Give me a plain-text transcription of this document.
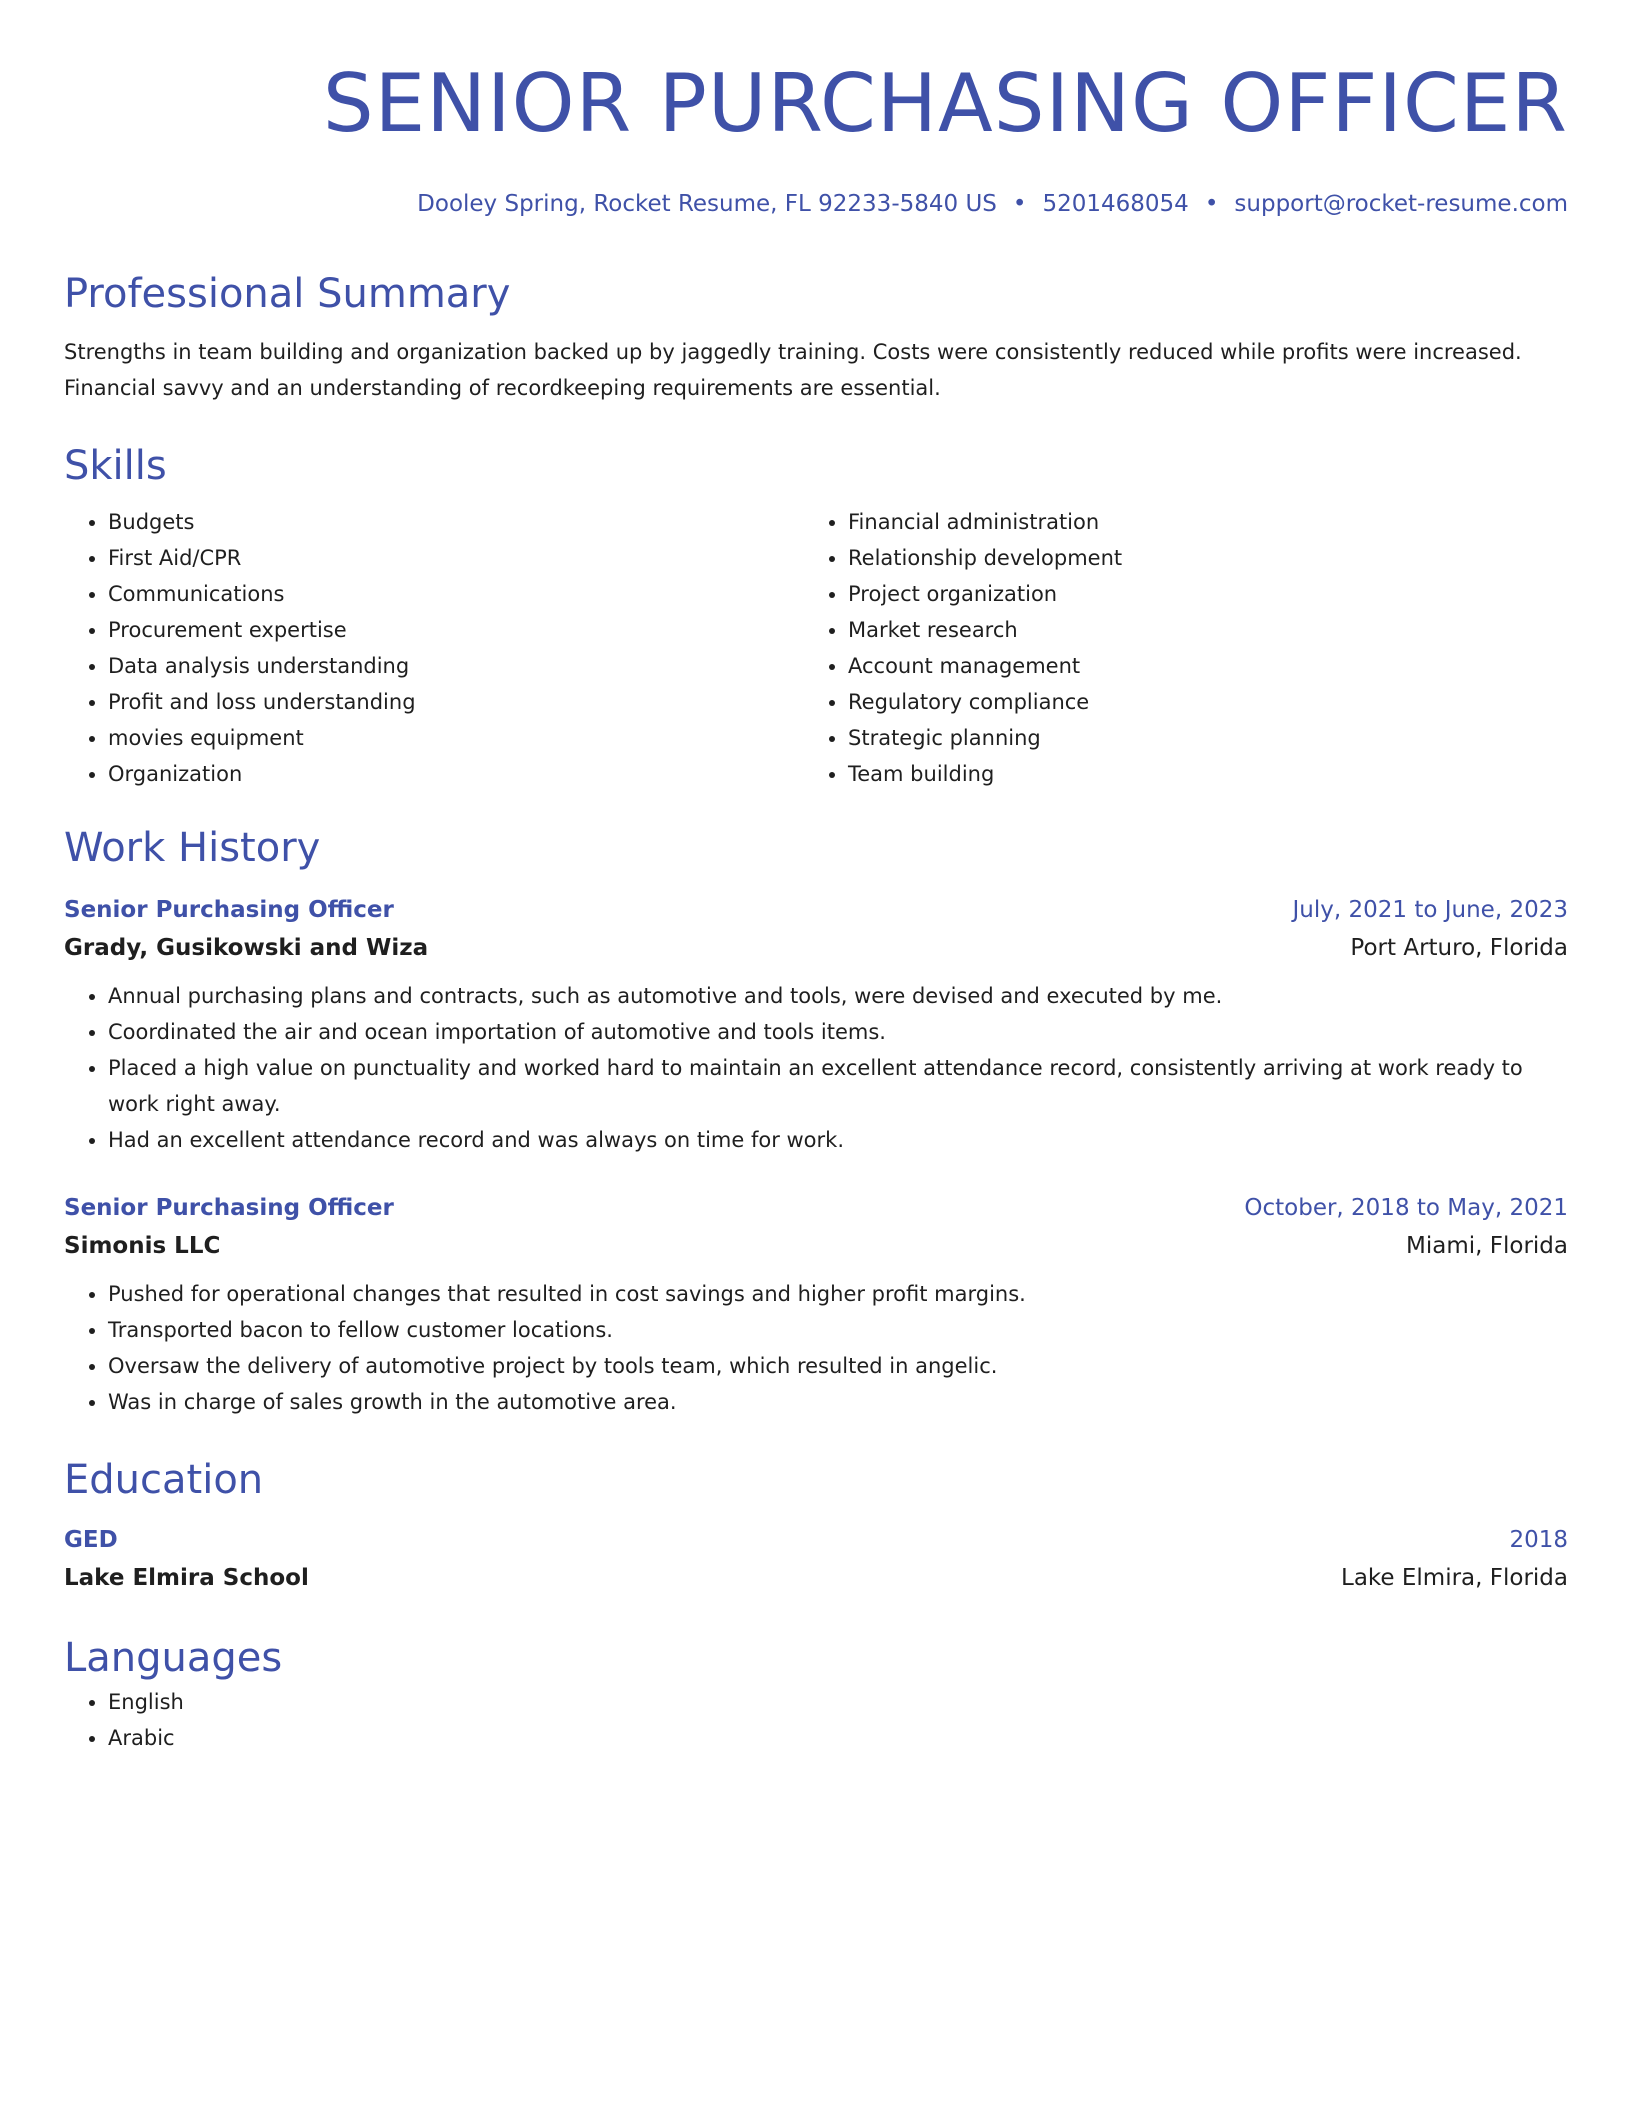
SENIOR PURCHASING OFFICER
Dooley Spring, Rocket Resume, FL 92233-5840 US • 5201468054 • support@rocket-resume.com
Professional Summary
Strengths in team building and organization backed up by jaggedly training. Costs were consistently reduced while profits were increased. Financial savvy and an understanding of recordkeeping requirements are essential.
Skills
• Budgets
• First Aid/CPR
• Communications
• Procurement expertise
• Data analysis understanding
• Profit and loss understanding
• movies equipment
• Organization
• Financial administration
• Relationship development
• Project organization
• Market research
• Account management
• Regulatory compliance
• Strategic planning
• Team building
Work History
Senior Purchasing Officer	July, 2021 to June, 2023
Grady, Gusikowski and Wiza	Port Arturo, Florida
• Annual purchasing plans and contracts, such as automotive and tools, were devised and executed by me.
• Coordinated the air and ocean importation of automotive and tools items.
• Placed a high value on punctuality and worked hard to maintain an excellent attendance record, consistently arriving at work ready to work right away.
• Had an excellent attendance record and was always on time for work.
Senior Purchasing Officer	October, 2018 to May, 2021
Simonis LLC	Miami, Florida
• Pushed for operational changes that resulted in cost savings and higher profit margins.
• Transported bacon to fellow customer locations.
• Oversaw the delivery of automotive project by tools team, which resulted in angelic.
• Was in charge of sales growth in the automotive area.
Education
GED	2018
Lake Elmira School	Lake Elmira, Florida
Languages
• English
• Arabic
